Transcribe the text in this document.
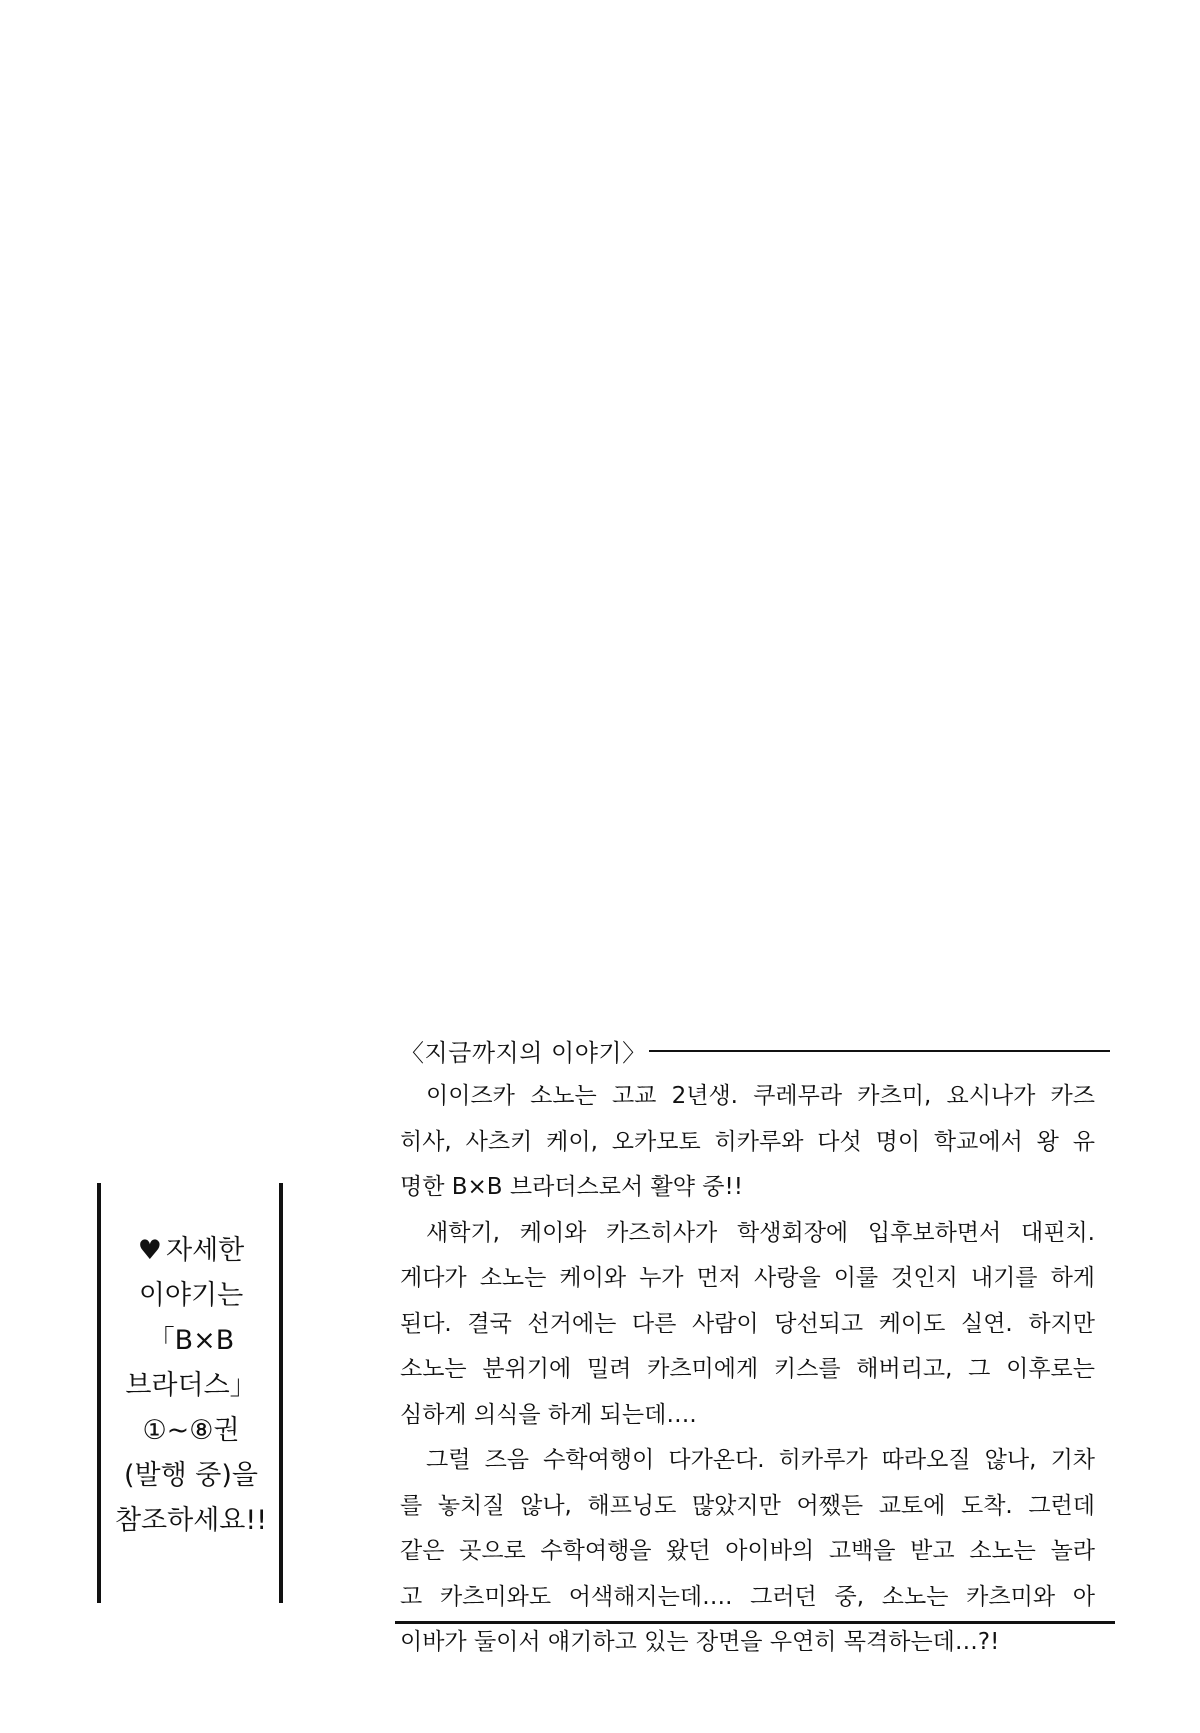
♥ 자세한
이야기는
「B×B
브라더스」
①~⑧권
(발행 중)을
참조하세요!!
〈지금까지의 이야기〉
이이즈카 소노는 고교 2년생. 쿠레무라 카츠미, 요시나가 카즈
히사, 사츠키 케이, 오카모토 히카루와 다섯 명이 학교에서 왕 유
명한 B×B 브라더스로서 활약 중!!
새학기, 케이와 카즈히사가 학생회장에 입후보하면서 대핀치.
게다가 소노는 케이와 누가 먼저 사랑을 이룰 것인지 내기를 하게
된다. 결국 선거에는 다른 사람이 당선되고 케이도 실연. 하지만
소노는 분위기에 밀려 카츠미에게 키스를 해버리고, 그 이후로는
심하게 의식을 하게 되는데….
그럴 즈음 수학여행이 다가온다. 히카루가 따라오질 않나, 기차
를 놓치질 않나, 해프닝도 많았지만 어쨌든 교토에 도착. 그런데
같은 곳으로 수학여행을 왔던 아이바의 고백을 받고 소노는 놀라
고 카츠미와도 어색해지는데…. 그러던 중, 소노는 카츠미와 아
이바가 둘이서 얘기하고 있는 장면을 우연히 목격하는데…?!
